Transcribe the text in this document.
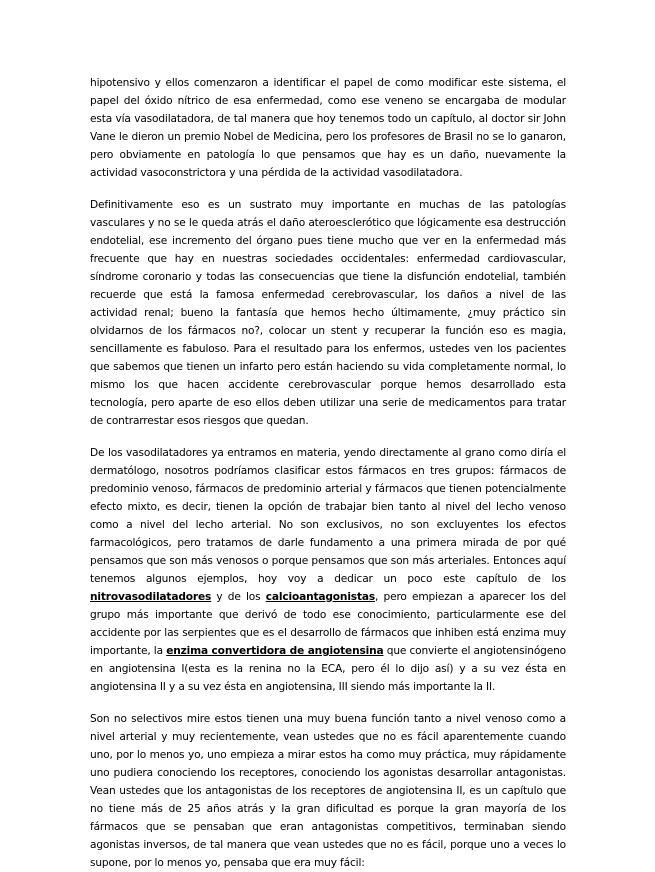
hipotensivo y ellos comenzaron a identificar el papel de como modificar este sistema, el papel del óxido nítrico de esa enfermedad, como ese veneno se encargaba de modular esta vía vasodilatadora, de tal manera que hoy tenemos todo un capítulo, al doctor sir John Vane le dieron un premio Nobel de Medicina, pero los profesores de Brasil no se lo ganaron, pero obviamente en patología lo que pensamos que hay es un daño, nuevamente la actividad vasoconstrictora y una pérdida de la actividad vasodilatadora.

Definitivamente eso es un sustrato muy importante en muchas de las patologías vasculares y no se le queda atrás el daño ateroesclerótico que lógicamente esa destrucción endotelial, ese incremento del órgano pues tiene mucho que ver en la enfermedad más frecuente que hay en nuestras sociedades occidentales: enfermedad cardiovascular, síndrome coronario y todas las consecuencias que tiene la disfunción endotelial, también recuerde que está la famosa enfermedad cerebrovascular, los daños a nivel de las actividad renal; bueno la fantasía que hemos hecho últimamente, ¿muy práctico sin olvidarnos de los fármacos no?, colocar un stent y recuperar la función eso es magia, sencillamente es fabuloso. Para el resultado para los enfermos, ustedes ven los pacientes que sabemos que tienen un infarto pero están haciendo su vida completamente normal, lo mismo los que hacen accidente cerebrovascular porque hemos desarrollado esta tecnología, pero aparte de eso ellos deben utilizar una serie de medicamentos para tratar de contrarrestar esos riesgos que quedan.

De los vasodilatadores ya entramos en materia, yendo directamente al grano como diría el dermatólogo, nosotros podríamos clasificar estos fármacos en tres grupos: fármacos de predominio venoso, fármacos de predominio arterial y fármacos que tienen potencialmente efecto mixto, es decir, tienen la opción de trabajar bien tanto al nivel del lecho venoso como a nivel del lecho arterial. No son exclusivos, no son excluyentes los efectos farmacológicos, pero tratamos de darle fundamento a una primera mirada de por qué pensamos que son más venosos o porque pensamos que son más arteriales. Entonces aquí tenemos algunos ejemplos, hoy voy a dedicar un poco este capítulo de los nitrovasodilatadores y de los calcioantagonistas, pero empiezan a aparecer los del grupo más importante que derivó de todo ese conocimiento, particularmente ese del accidente por las serpientes que es el desarrollo de fármacos que inhiben está enzima muy importante, la enzima convertidora de angiotensina que convierte el angiotensinógeno en angiotensina I(esta es la renina no la ECA, pero él lo dijo así) y a su vez ésta en angiotensina II y a su vez ésta en angiotensina, III siendo más importante la II.

Son no selectivos mire estos tienen una muy buena función tanto a nivel venoso como a nivel arterial y muy recientemente, vean ustedes que no es fácil aparentemente cuando uno, por lo menos yo, uno empieza a mirar estos ha como muy práctica, muy rápidamente uno pudiera conociendo los receptores, conociendo los agonistas desarrollar antagonistas. Vean ustedes que los antagonistas de los receptores de angiotensina II, es un capítulo que no tiene más de 25 años atrás y la gran dificultad es porque la gran mayoría de los fármacos que se pensaban que eran antagonistas competitivos, terminaban siendo agonistas inversos, de tal manera que vean ustedes que no es fácil, porque uno a veces lo supone, por lo menos yo, pensaba que era muy fácil:
